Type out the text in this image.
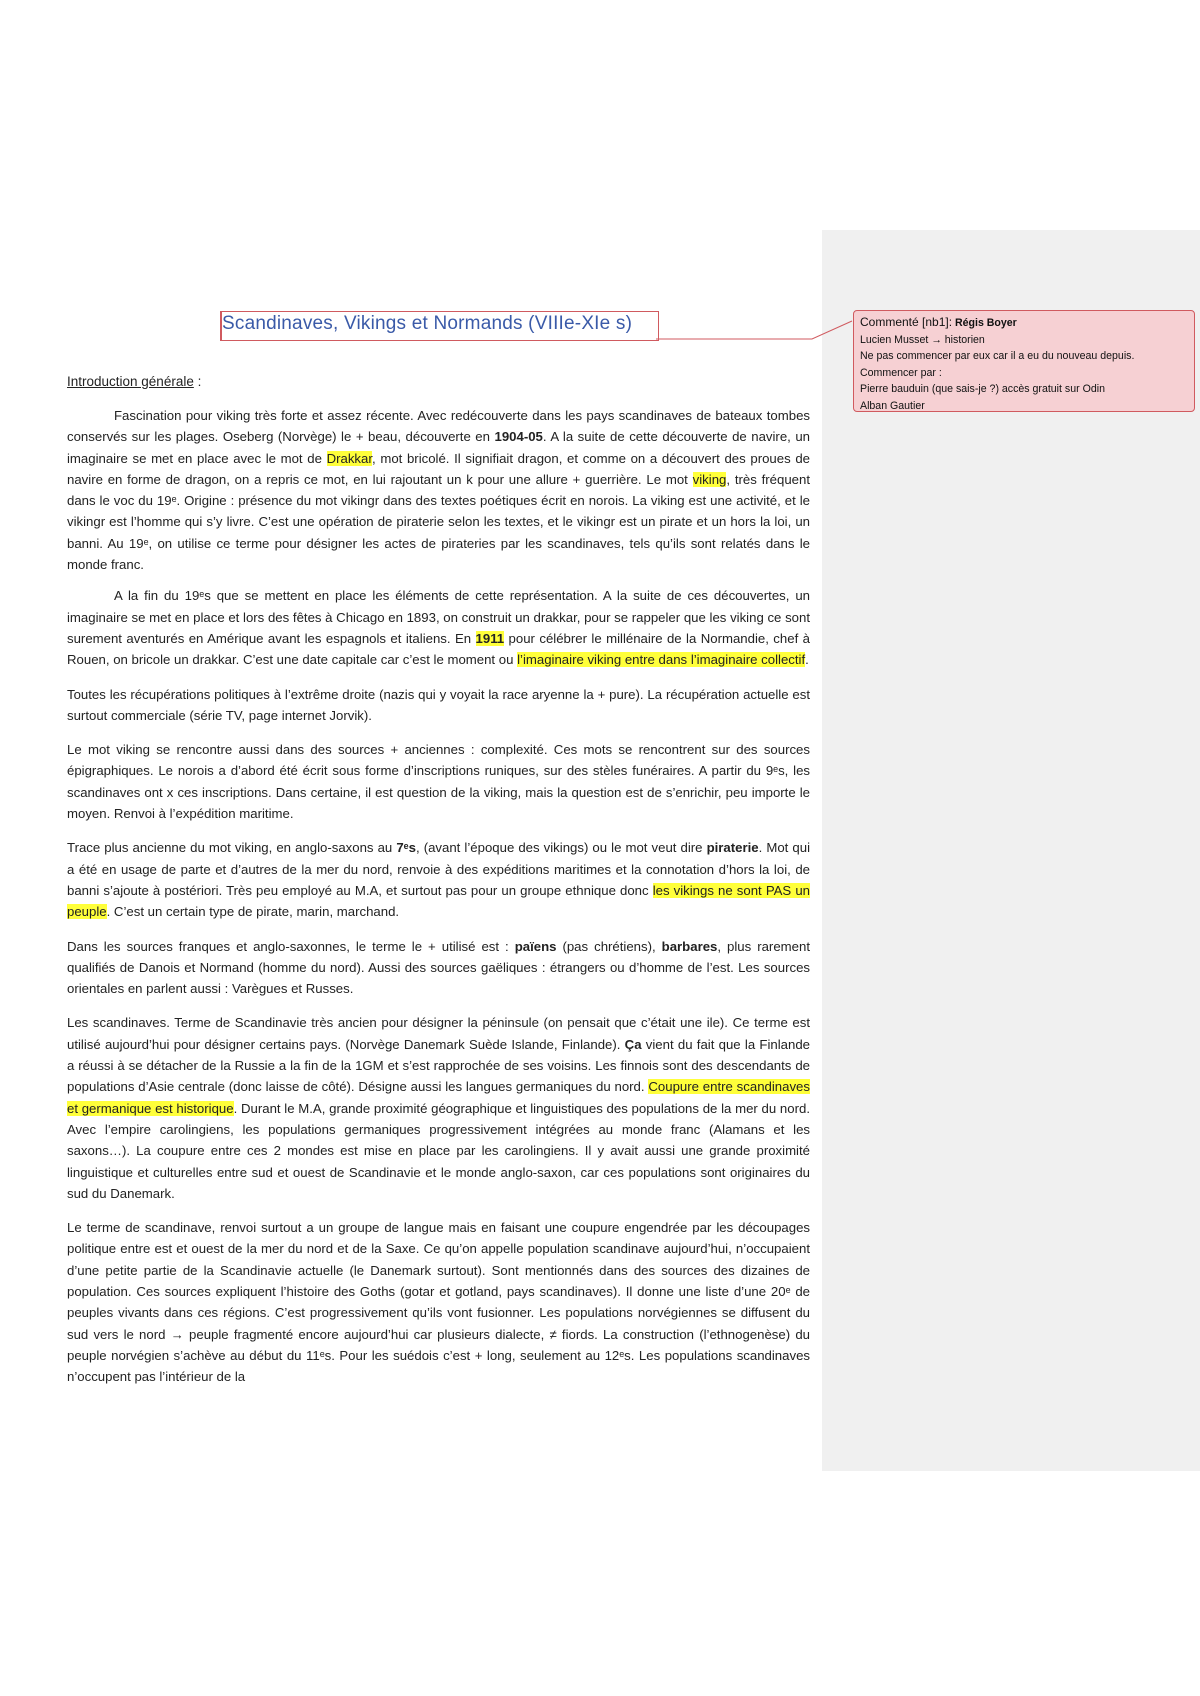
Scandinaves, Vikings et Normands (VIIIe-XIe s)	Commenté [nb1]: Régis Boyer
Lucien Musset → historien
Ne pas commencer par eux car il a eu du nouveau depuis.
Commencer par :
Pierre bauduin (que sais-je ?) accès gratuit sur Odin
Alban Gautier
Introduction générale :

Fascination pour viking très forte et assez récente. Avec redécouverte dans les pays scandinaves de bateaux tombes conservés sur les plages. Oseberg (Norvège) le + beau, découverte en 1904-05. A la suite de cette découverte de navire, un imaginaire se met en place avec le mot de Drakkar, mot bricolé. Il signifiait dragon, et comme on a découvert des proues de navire en forme de dragon, on a repris ce mot, en lui rajoutant un k pour une allure + guerrière. Le mot viking, très fréquent dans le voc du 19ᵉ. Origine : présence du mot vikingr dans des textes poétiques écrit en norois. La viking est une activité, et le vikingr est l’homme qui s’y livre. C’est une opération de piraterie selon les textes, et le vikingr est un pirate et un hors la loi, un banni. Au 19ᵉ, on utilise ce terme pour désigner les actes de pirateries par les scandinaves, tels qu’ils sont relatés dans le monde franc.

A la fin du 19ᵉs que se mettent en place les éléments de cette représentation. A la suite de ces découvertes, un imaginaire se met en place et lors des fêtes à Chicago en 1893, on construit un drakkar, pour se rappeler que les viking ce sont surement aventurés en Amérique avant les espagnols et italiens. En 1911 pour célébrer le millénaire de la Normandie, chef à Rouen, on bricole un drakkar. C’est une date capitale car c’est le moment ou l’imaginaire viking entre dans l’imaginaire collectif.

Toutes les récupérations politiques à l’extrême droite (nazis qui y voyait la race aryenne la + pure). La récupération actuelle est surtout commerciale (série TV, page internet Jorvik).

Le mot viking se rencontre aussi dans des sources + anciennes : complexité. Ces mots se rencontrent sur des sources épigraphiques. Le norois a d’abord été écrit sous forme d’inscriptions runiques, sur des stèles funéraires. A partir du 9ᵉs, les scandinaves ont x ces inscriptions. Dans certaine, il est question de la viking, mais la question est de s’enrichir, peu importe le moyen. Renvoi à l’expédition maritime.

Trace plus ancienne du mot viking, en anglo-saxons au 7ᵉs, (avant l’époque des vikings) ou le mot veut dire piraterie. Mot qui a été en usage de parte et d’autres de la mer du nord, renvoie à des expéditions maritimes et la connotation d’hors la loi, de banni s’ajoute à postériori. Très peu employé au M.A, et surtout pas pour un groupe ethnique donc les vikings ne sont PAS un peuple. C’est un certain type de pirate, marin, marchand.

Dans les sources franques et anglo-saxonnes, le terme le + utilisé est : païens (pas chrétiens), barbares, plus rarement qualifiés de Danois et Normand (homme du nord). Aussi des sources gaëliques : étrangers ou d’homme de l’est. Les sources orientales en parlent aussi : Varègues et Russes.

Les scandinaves. Terme de Scandinavie très ancien pour désigner la péninsule (on pensait que c’était une ile). Ce terme est utilisé aujourd’hui pour désigner certains pays. (Norvège Danemark Suède Islande, Finlande). Ça vient du fait que la Finlande a réussi à se détacher de la Russie a la fin de la 1GM et s’est rapprochée de ses voisins. Les finnois sont des descendants de populations d’Asie centrale (donc laisse de côté). Désigne aussi les langues germaniques du nord. Coupure entre scandinaves et germanique est historique. Durant le M.A, grande proximité géographique et linguistiques des populations de la mer du nord. Avec l’empire carolingiens, les populations germaniques progressivement intégrées au monde franc (Alamans et les saxons…). La coupure entre ces 2 mondes est mise en place par les carolingiens. Il y avait aussi une grande proximité linguistique et culturelles entre sud et ouest de Scandinavie et le monde anglo-saxon, car ces populations sont originaires du sud du Danemark.

Le terme de scandinave, renvoi surtout a un groupe de langue mais en faisant une coupure engendrée par les découpages politique entre est et ouest de la mer du nord et de la Saxe. Ce qu’on appelle population scandinave aujourd’hui, n’occupaient d’une petite partie de la Scandinavie actuelle (le Danemark surtout). Sont mentionnés dans des sources des dizaines de population. Ces sources expliquent l’histoire des Goths (gotar et gotland, pays scandinaves). Il donne une liste d’une 20ᵉ de peuples vivants dans ces régions. C’est progressivement qu’ils vont fusionner. Les populations norvégiennes se diffusent du sud vers le nord → peuple fragmenté encore aujourd’hui car plusieurs dialecte, ≠ fiords. La construction (l’ethnogenèse) du peuple norvégien s’achève au début du 11ᵉs. Pour les suédois c’est + long, seulement au 12ᵉs. Les populations scandinaves n’occupent pas l’intérieur de la
